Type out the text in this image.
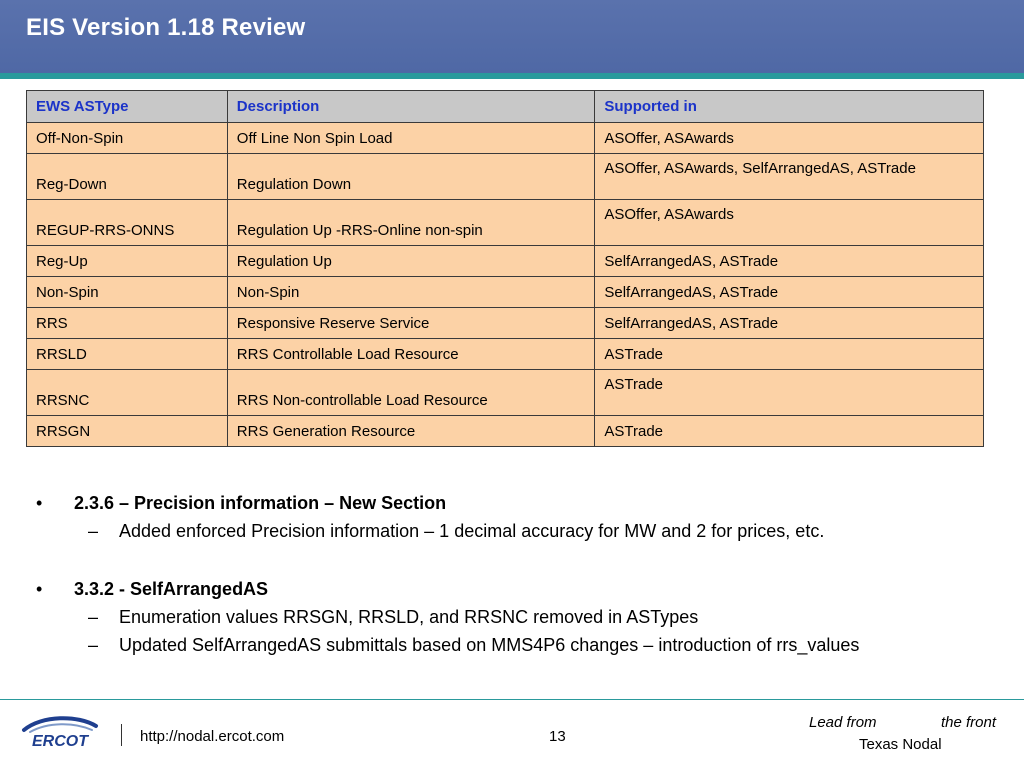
EIS Version 1.18 Review
EWS ASType	Description	Supported in
Off-Non-Spin	Off Line Non Spin Load	ASOffer, ASAwards
Reg-Down	Regulation Down	ASOffer, ASAwards, SelfArrangedAS, ASTrade
REGUP-RRS-ONNS	Regulation Up -RRS-Online non-spin	ASOffer, ASAwards
Reg-Up	Regulation Up	SelfArrangedAS, ASTrade
Non-Spin	Non-Spin	SelfArrangedAS, ASTrade
RRS	Responsive Reserve Service	SelfArrangedAS, ASTrade
RRSLD	RRS Controllable Load Resource	ASTrade
RRSNC	RRS Non-controllable Load Resource	ASTrade
RRSGN	RRS Generation Resource	ASTrade
• 2.3.6 – Precision information – New Section
– Added enforced Precision information – 1 decimal accuracy for MW and 2 for prices, etc.
• 3.3.2 - SelfArrangedAS
– Enumeration values RRSGN, RRSLD, and RRSNC removed in ASTypes
– Updated SelfArrangedAS submittals based on MMS4P6 changes – introduction of rrs_values
ERCOT	http://nodal.ercot.com	13
Lead from	the front
Texas Nodal
